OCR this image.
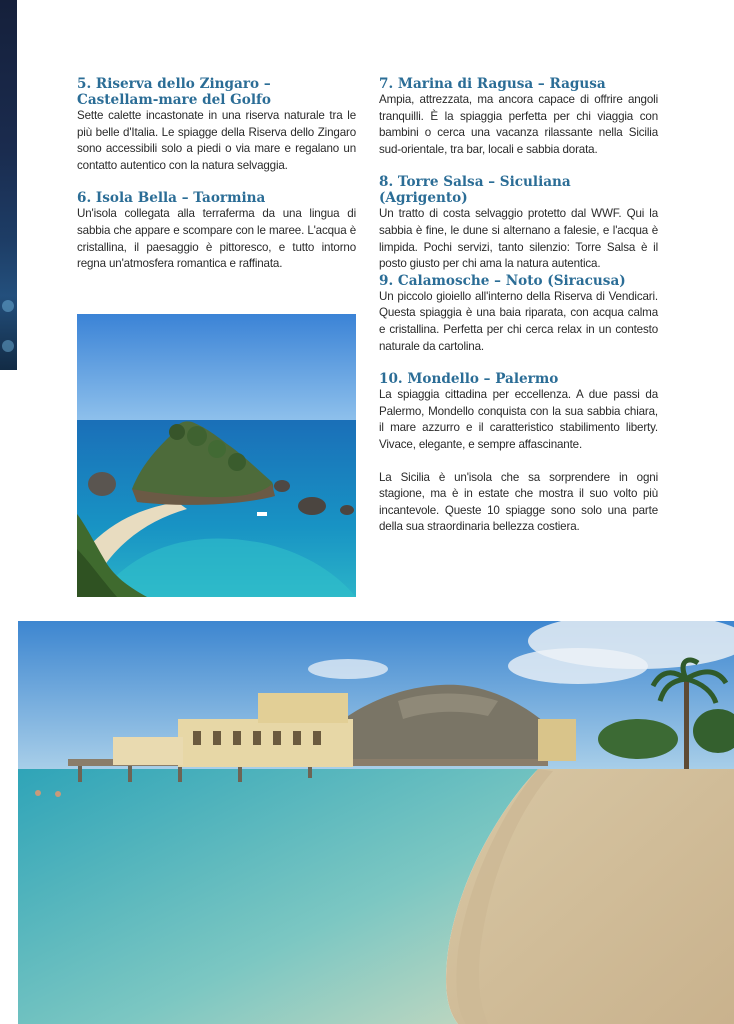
5. Riserva dello Zingaro – Castellam-mare del Golfo

Sette calette incastonate in una riserva naturale tra le più belle d'Italia. Le spiagge della Riserva dello Zingaro sono accessibili solo a piedi o via mare e regalano un contatto autentico con la natura selvaggia.

6. Isola Bella – Taormina

Un'isola collegata alla terraferma da una lingua di sabbia che appare e scompare con le maree. L'acqua è cristallina, il paesaggio è pittoresco, e tutto intorno regna un'atmosfera romantica e raffinata.

7. Marina di Ragusa – Ragusa

Ampia, attrezzata, ma ancora capace di offrire angoli tranquilli. È la spiaggia perfetta per chi viaggia con bambini o cerca una vacanza rilassante nella Sicilia sud-orientale, tra bar, locali e sabbia dorata.

8. Torre Salsa – Siculiana (Agrigento)

Un tratto di costa selvaggio protetto dal WWF. Qui la sabbia è fine, le dune si alternano a falesie, e l'acqua è limpida. Pochi servizi, tanto silenzio: Torre Salsa è il posto giusto per chi ama la natura autentica.

9. Calamosche – Noto (Siracusa)

Un piccolo gioiello all'interno della Riserva di Vendicari. Questa spiaggia è una baia riparata, con acqua calma e cristallina. Perfetta per chi cerca relax in un contesto naturale da cartolina.

10. Mondello – Palermo

La spiaggia cittadina per eccellenza. A due passi da Palermo, Mondello conquista con la sua sabbia chiara, il mare azzurro e il caratteristico stabilimento liberty. Vivace, elegante, e sempre affascinante.

La Sicilia è un'isola che sa sorprendere in ogni stagione, ma è in estate che mostra il suo volto più incantevole. Queste 10 spiagge sono solo una parte della sua straordinaria bellezza costiera.
